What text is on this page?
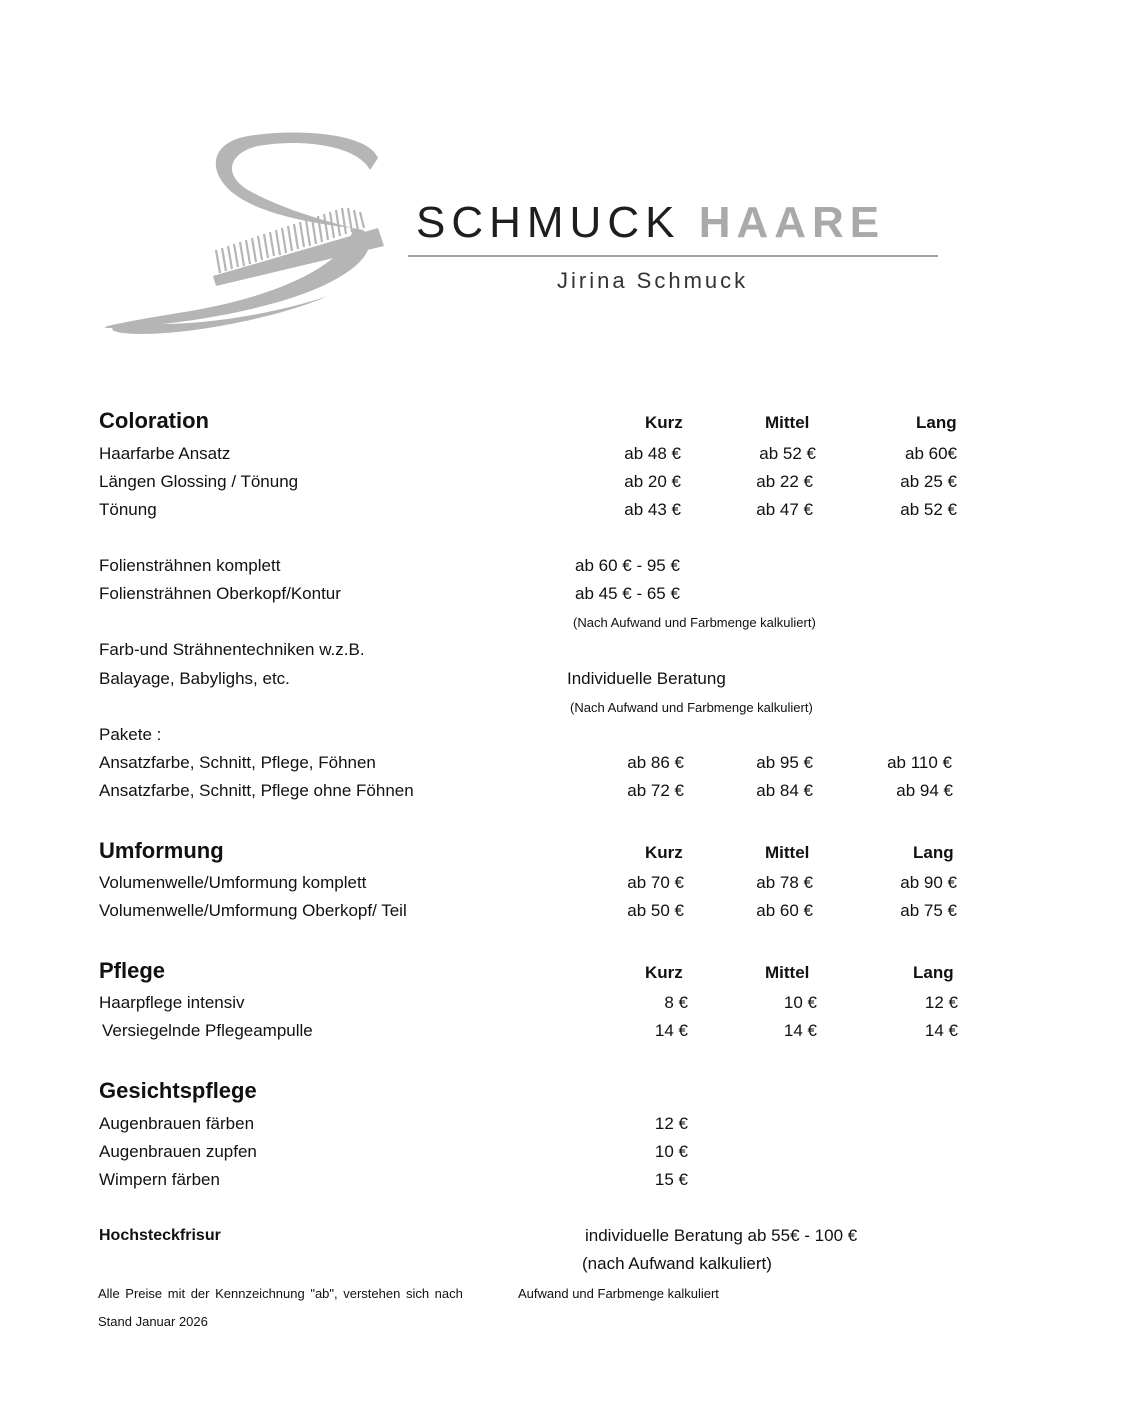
SCHMUCK HAARE
Jirina Schmuck
Coloration	Kurz	Mittel	Lang
Haarfarbe Ansatz	ab 48 €	ab 52 €	ab 60€
Längen Glossing / Tönung	ab 20 €	ab 22 €	ab 25 €
Tönung	ab 43 €	ab 47 €	ab 52 €
Foliensträhnen komplett	ab 60 € - 95 €
Foliensträhnen Oberkopf/Kontur	ab 45 € - 65 €
(Nach Aufwand und Farbmenge kalkuliert)
Farb-und Strähnentechniken w.z.B.
Balayage, Babylighs, etc.	Individuelle Beratung
(Nach Aufwand und Farbmenge kalkuliert)
Pakete :
Ansatzfarbe, Schnitt, Pflege, Föhnen	ab 86 €	ab 95 €	ab 110 €
Ansatzfarbe, Schnitt, Pflege ohne Föhnen	ab 72 €	ab 84 €	ab 94 €
Umformung	Kurz	Mittel	Lang
Volumenwelle/Umformung komplett	ab 70 €	ab 78 €	ab 90 €
Volumenwelle/Umformung Oberkopf/ Teil	ab 50 €	ab 60 €	ab 75 €
Pflege	Kurz	Mittel	Lang
Haarpflege intensiv	8 €	10 €	12 €
Versiegelnde Pflegeampulle	14 €	14 €	14 €
Gesichtspflege
Augenbrauen färben	12 €
Augenbrauen zupfen	10 €
Wimpern färben	15 €
Hochsteckfrisur	individuelle Beratung ab 55€ - 100 €
(nach Aufwand kalkuliert)
Alle Preise mit der Kennzeichnung "ab", verstehen sich nach	Aufwand und Farbmenge kalkuliert
Stand Januar 2026
